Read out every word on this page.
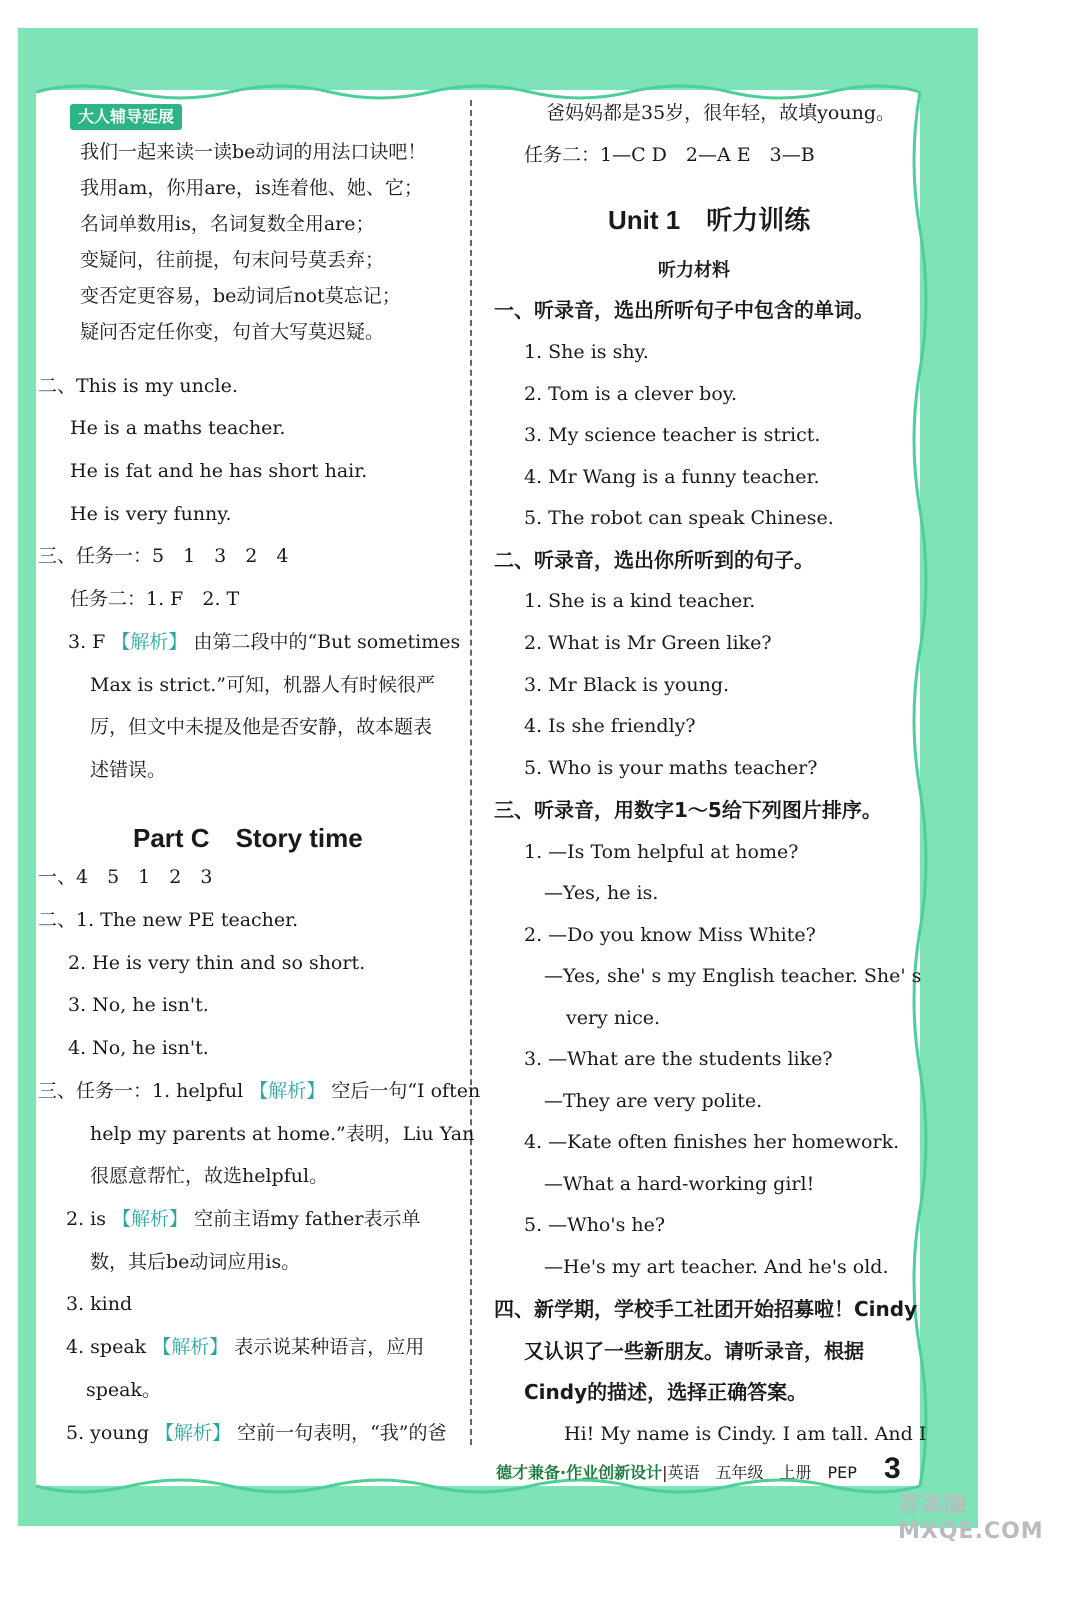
大人辅导延展
我们一起来读一读be动词的用法口诀吧！
我用am，你用are，is连着他、她、它；
名词单数用is，名词复数全用are；
变疑问，往前提，句末问号莫丢弃；
变否定更容易，be动词后not莫忘记；
疑问否定任你变，句首大写莫迟疑。
二、This is my uncle.
He is a maths teacher.
He is fat and he has short hair.
He is very funny.
三、任务一：5　1　3　2　4
任务二：1. F　2. T
3. F 【解析】 由第二段中的“But sometimes
Max is strict.”可知，机器人有时候很严
厉，但文中未提及他是否安静，故本题表
述错误。
Part C　Story time
一、4　5　1　2　3
二、1. The new PE teacher.
2. He is very thin and so short.
3. No, he isn't.
4. No, he isn't.
三、任务一：1. helpful 【解析】 空后一句“I often
help my parents at home.”表明，Liu Yan
很愿意帮忙，故选helpful。
2. is 【解析】 空前主语my father表示单
数，其后be动词应用is。
3. kind
4. speak 【解析】 表示说某种语言，应用
speak。
5. young 【解析】 空前一句表明，“我”的爸
爸妈妈都是35岁，很年轻，故填young。
任务二：1—C D　2—A E　3—B
Unit 1　听力训练
听力材料
一、听录音，选出所听句子中包含的单词。
1. She is shy.
2. Tom is a clever boy.
3. My science teacher is strict.
4. Mr Wang is a funny teacher.
5. The robot can speak Chinese.
二、听录音，选出你所听到的句子。
1. She is a kind teacher.
2. What is Mr Green like?
3. Mr Black is young.
4. Is she friendly?
5. Who is your maths teacher?
三、听录音，用数字1～5给下列图片排序。
1. —Is Tom helpful at home?
—Yes, he is.
2. —Do you know Miss White?
—Yes, she' s my English teacher. She' s
very nice.
3. —What are the students like?
—They are very polite.
4. —Kate often finishes her homework.
—What a hard-working girl!
5. —Who's he?
—He's my art teacher. And he's old.
四、新学期，学校手工社团开始招募啦！Cindy
又认识了一些新朋友。请听录音，根据
Cindy的描述，选择正确答案。
Hi! My name is Cindy. I am tall. And I
德才兼备·作业创新设计|英语　五年级　上册　PEP 3
答案圈 MXQE.COM
